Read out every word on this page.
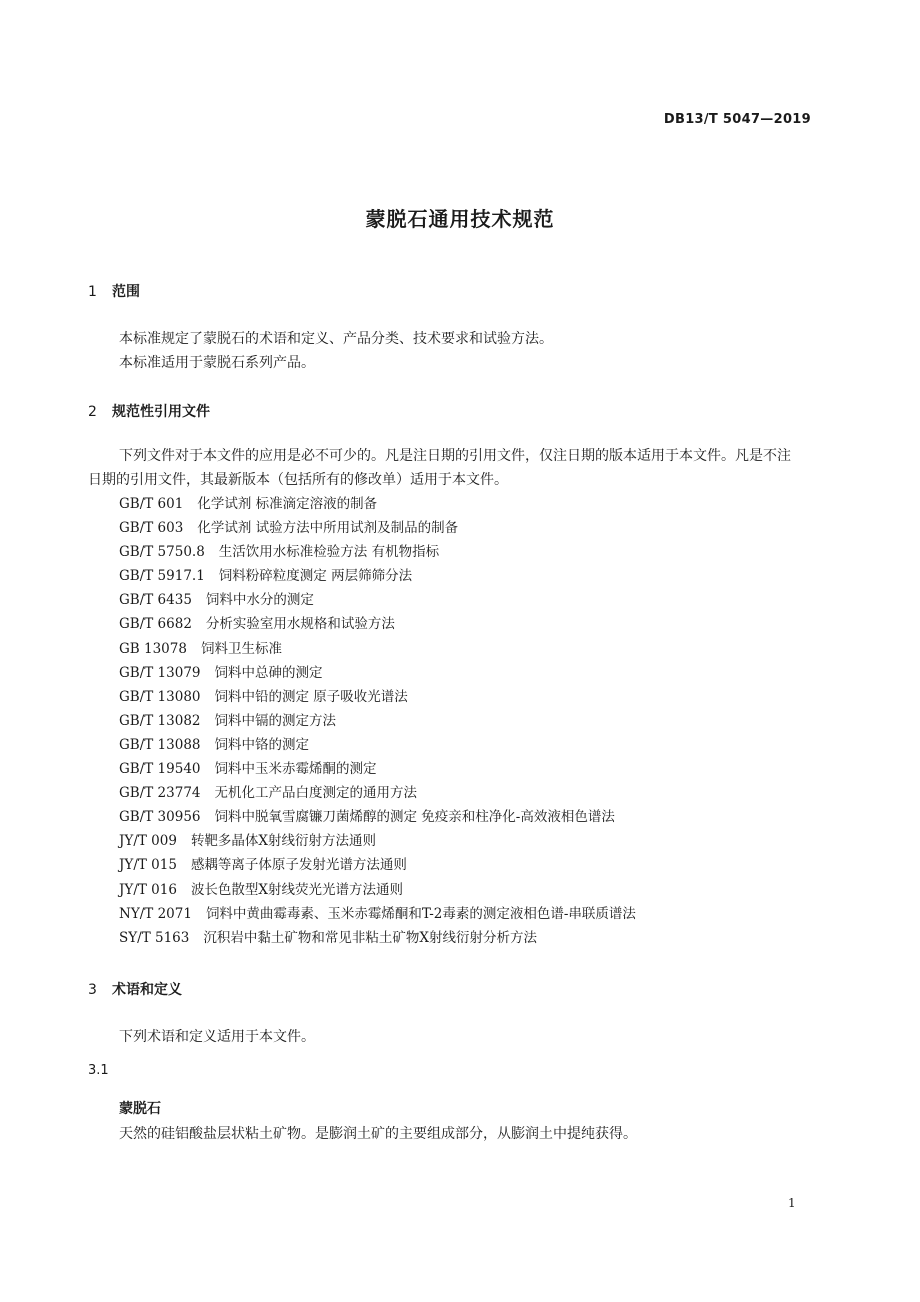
DB13/T 5047—2019
蒙脱石通用技术规范
1 范围
本标准规定了蒙脱石的术语和定义、产品分类、技术要求和试验方法。
本标准适用于蒙脱石系列产品。
2 规范性引用文件
下列文件对于本文件的应用是必不可少的。凡是注日期的引用文件，仅注日期的版本适用于本文件。凡是不注日期的引用文件，其最新版本（包括所有的修改单）适用于本文件。
GB/T 601 化学试剂 标准滴定溶液的制备
GB/T 603 化学试剂 试验方法中所用试剂及制品的制备
GB/T 5750.8 生活饮用水标准检验方法 有机物指标
GB/T 5917.1 饲料粉碎粒度测定 两层筛筛分法
GB/T 6435 饲料中水分的测定
GB/T 6682 分析实验室用水规格和试验方法
GB 13078 饲料卫生标准
GB/T 13079 饲料中总砷的测定
GB/T 13080 饲料中铅的测定 原子吸收光谱法
GB/T 13082 饲料中镉的测定方法
GB/T 13088 饲料中铬的测定
GB/T 19540 饲料中玉米赤霉烯酮的测定
GB/T 23774 无机化工产品白度测定的通用方法
GB/T 30956 饲料中脱氧雪腐镰刀菌烯醇的测定 免疫亲和柱净化-高效液相色谱法
JY/T 009 转靶多晶体X射线衍射方法通则
JY/T 015 感耦等离子体原子发射光谱方法通则
JY/T 016 波长色散型X射线荧光光谱方法通则
NY/T 2071 饲料中黄曲霉毒素、玉米赤霉烯酮和T-2毒素的测定液相色谱-串联质谱法
SY/T 5163 沉积岩中黏土矿物和常见非粘土矿物X射线衍射分析方法
3 术语和定义
下列术语和定义适用于本文件。
3.1
蒙脱石
天然的硅铝酸盐层状粘土矿物。是膨润土矿的主要组成部分，从膨润土中提纯获得。
1
